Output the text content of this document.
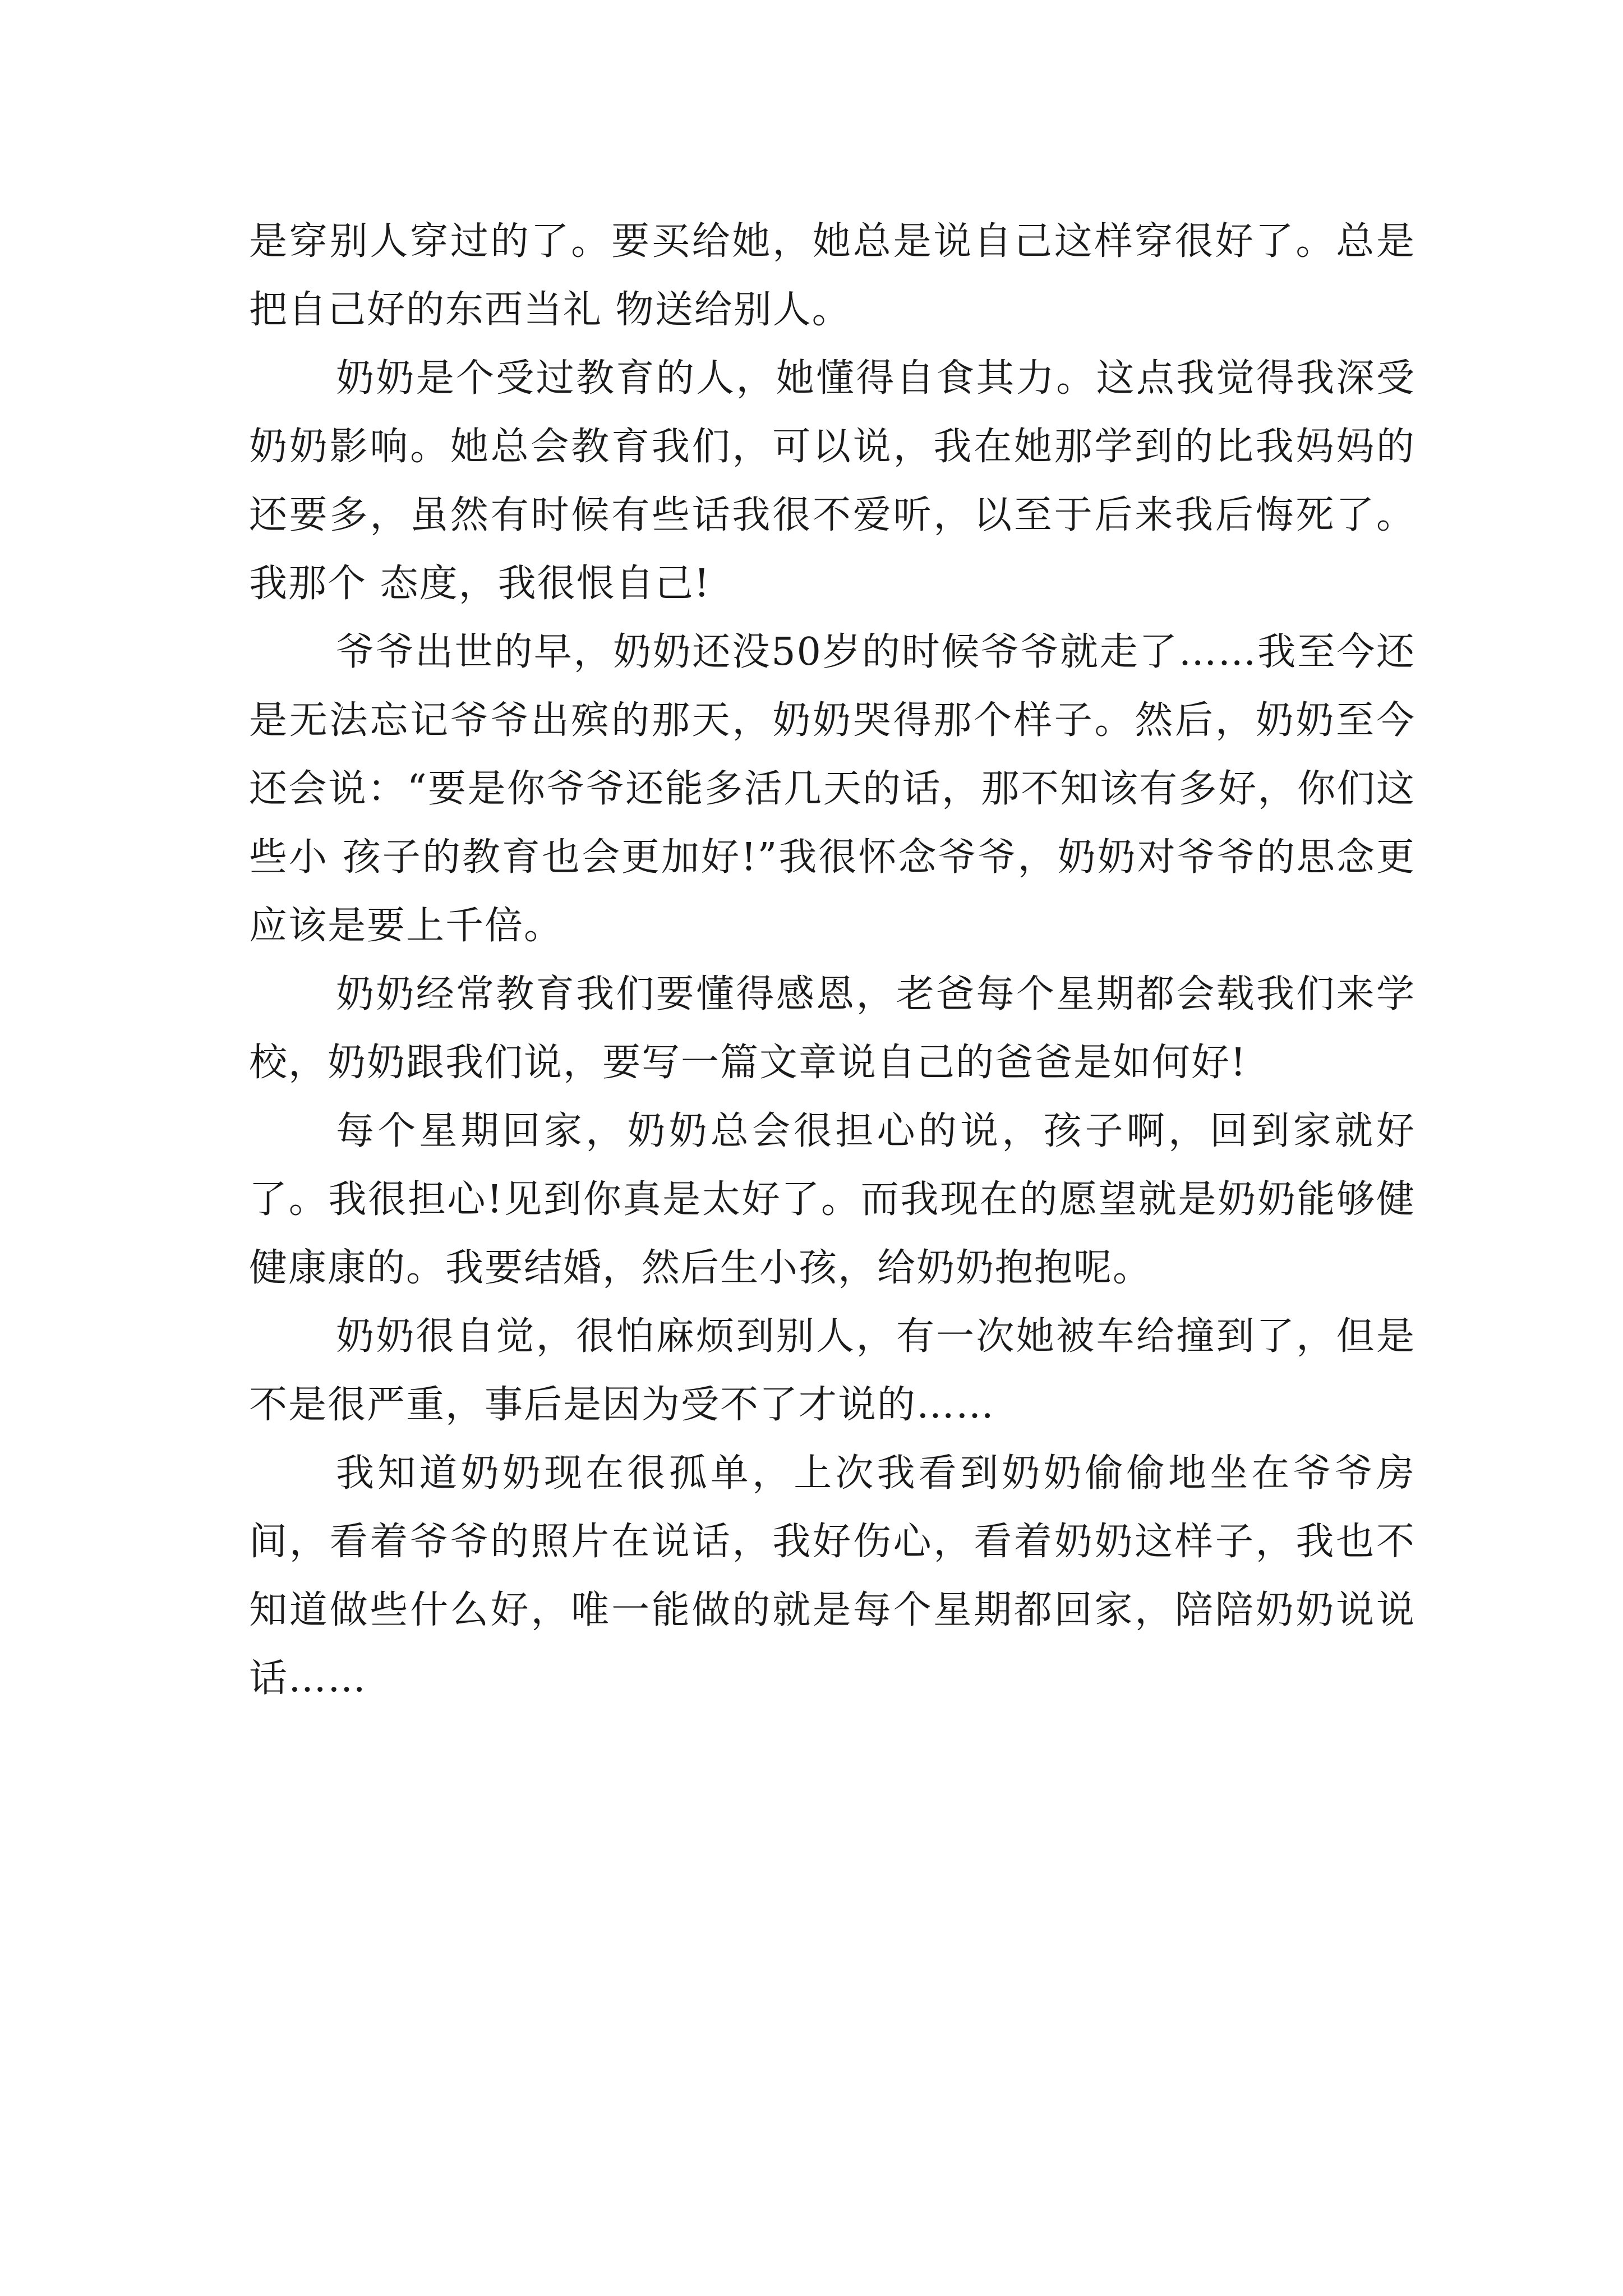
是穿别人穿过的了。要买给她，她总是说自己这样穿很好了。总是把自己好的东西当礼 物送给别人。

奶奶是个受过教育的人，她懂得自食其力。这点我觉得我深受奶奶影响。她总会教育我们，可以说，我在她那学到的比我妈妈的还要多，虽然有时候有些话我很不爱听，以至于后来我后悔死了。我那个 态度，我很恨自己!

爷爷出世的早，奶奶还没50岁的时候爷爷就走了……我至今还是无法忘记爷爷出殡的那天，奶奶哭得那个样子。然后，奶奶至今还会说：“要是你爷爷还能多活几天的话，那不知该有多好，你们这些小 孩子的教育也会更加好!”我很怀念爷爷，奶奶对爷爷的思念更应该是要上千倍。

奶奶经常教育我们要懂得感恩，老爸每个星期都会载我们来学校，奶奶跟我们说，要写一篇文章说自己的爸爸是如何好!

每个星期回家，奶奶总会很担心的说，孩子啊，回到家就好了。我很担心!见到你真是太好了。而我现在的愿望就是奶奶能够健健康康的。我要结婚，然后生小孩，给奶奶抱抱呢。

奶奶很自觉，很怕麻烦到别人，有一次她被车给撞到了，但是不是很严重，事后是因为受不了才说的……

我知道奶奶现在很孤单，上次我看到奶奶偷偷地坐在爷爷房间，看着爷爷的照片在说话，我好伤心，看着奶奶这样子，我也不知道做些什么好，唯一能做的就是每个星期都回家，陪陪奶奶说说话……
